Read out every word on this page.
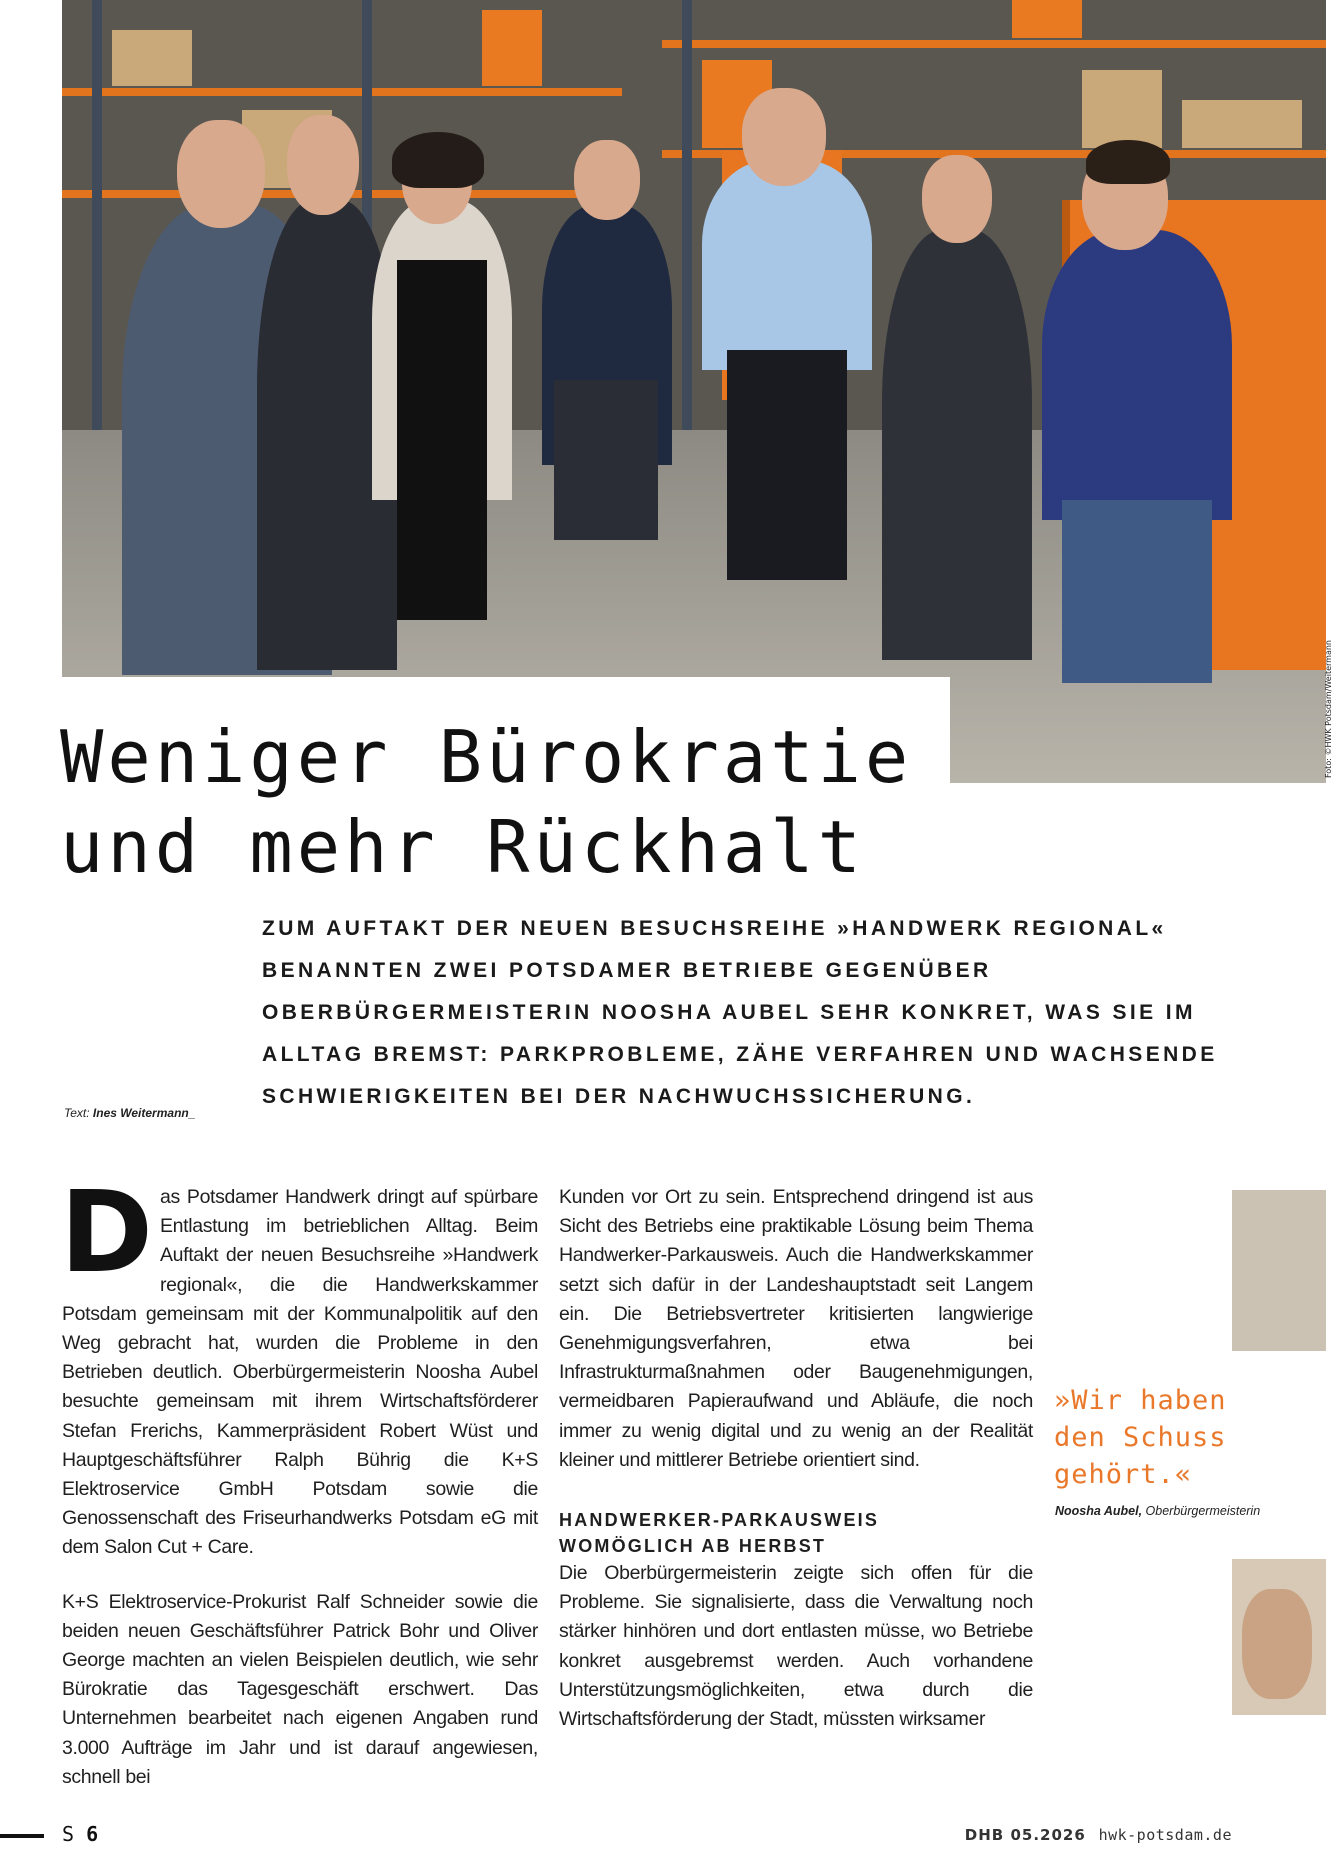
Foto: ©HWK Potsdam/Weitermann
Weniger Bürokratie
und mehr Rückhalt

ZUM AUFTAKT DER NEUEN BESUCHSREIHE »HANDWERK REGIONAL« BENANNTEN ZWEI POTSDAMER BETRIEBE GEGENÜBER OBERBÜRGERMEISTERIN NOOSHA AUBEL SEHR KONKRET, WAS SIE IM ALLTAG BREMST: PARKPROBLEME, ZÄHE VERFAHREN UND WACHSENDE SCHWIERIGKEITEN BEI DER NACHWUCHSSICHERUNG.

Text: Ines Weitermann_

Das Potsdamer Handwerk dringt auf spürbare Entlastung im betrieblichen Alltag. Beim Auftakt der neuen Besuchsreihe »Handwerk regional«, die die Handwerkskammer Potsdam gemeinsam mit der Kommunalpolitik auf den Weg gebracht hat, wurden die Probleme in den Betrieben deutlich. Oberbürgermeisterin Noosha Aubel besuchte gemeinsam mit ihrem Wirtschaftsförderer Stefan Frerichs, Kammerpräsident Robert Wüst und Hauptgeschäftsführer Ralph Bührig die K+S Elektroservice GmbH Potsdam sowie die Genossenschaft des Friseurhandwerks Potsdam eG mit dem Salon Cut + Care.

K+S Elektroservice-Prokurist Ralf Schneider sowie die beiden neuen Geschäftsführer Patrick Bohr und Oliver George machten an vielen Beispielen deutlich, wie sehr Bürokratie das Tagesgeschäft erschwert. Das Unternehmen bearbeitet nach eigenen Angaben rund 3.000 Aufträge im Jahr und ist darauf angewiesen, schnell bei

Kunden vor Ort zu sein. Entsprechend dringend ist aus Sicht des Betriebs eine praktikable Lösung beim Thema Handwerker-Parkausweis. Auch die Handwerkskammer setzt sich dafür in der Landeshauptstadt seit Langem ein. Die Betriebsvertreter kritisierten langwierige Genehmigungsverfahren, etwa bei Infrastrukturmaßnahmen oder Baugenehmigungen, vermeidbaren Papieraufwand und Abläufe, die noch immer zu wenig digital und zu wenig an der Realität kleiner und mittlerer Betriebe orientiert sind.

HANDWERKER-PARKAUSWEIS
WOMÖGLICH AB HERBST

Die Oberbürgermeisterin zeigte sich offen für die Probleme. Sie signalisierte, dass die Verwaltung noch stärker hinhören und dort entlasten müsse, wo Betriebe konkret ausgebremst werden. Auch vorhandene Unterstützungsmöglichkeiten, etwa durch die Wirtschaftsförderung der Stadt, müssten wirksamer

»Wir haben den Schuss gehört.«

Noosha Aubel, Oberbürgermeisterin
S 6	DHB 05.2026 hwk-potsdam.de
